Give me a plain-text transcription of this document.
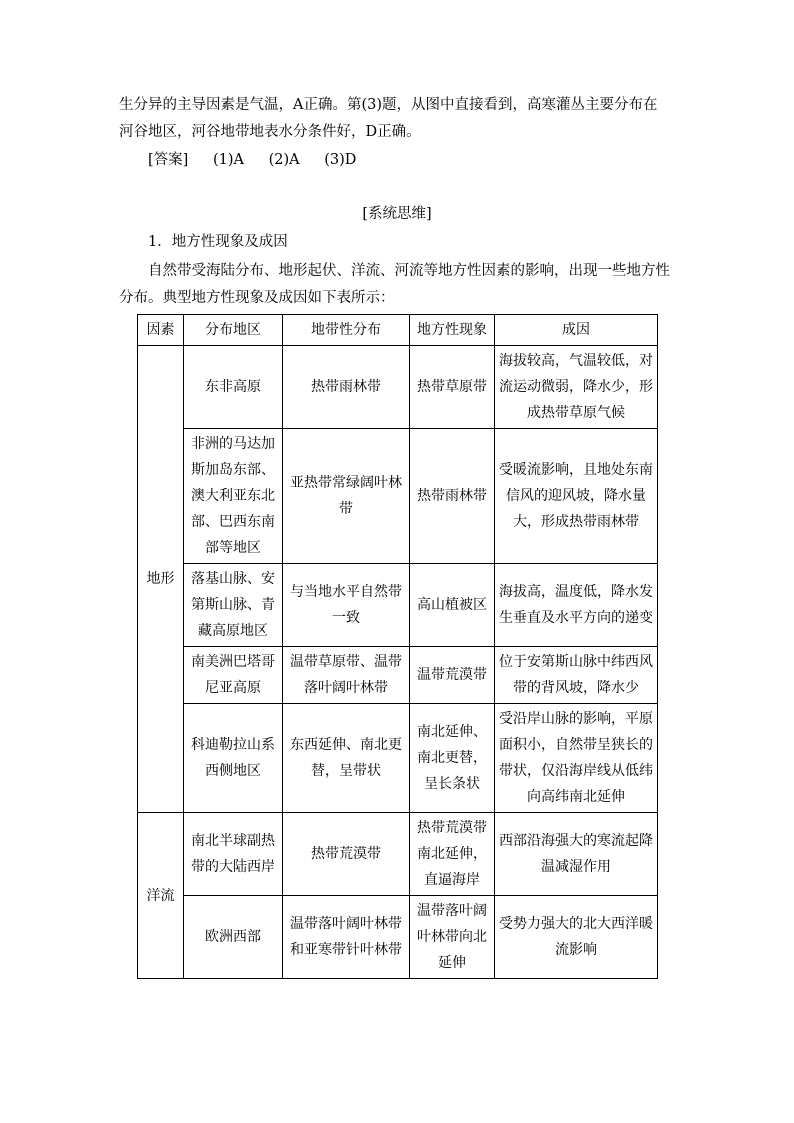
生分异的主导因素是气温，A正确。第(3)题，从图中直接看到，高寒灌丛主要分布在河谷地区，河谷地带地表水分条件好，D正确。

[答案] (1)A (2)A (3)D
[系统思维]
1．地方性现象及成因

自然带受海陆分布、地形起伏、洋流、河流等地方性因素的影响，出现一些地方性分布。典型地方性现象及成因如下表所示：

因素	分布地区	地带性分布	地方性现象	成因
地形	东非高原	热带雨林带	热带草原带	海拔较高，气温较低，对流运动微弱，降水少，形成热带草原气候
	非洲的马达加斯加岛东部、澳大利亚东北部、巴西东南部等地区	亚热带常绿阔叶林带	热带雨林带	受暖流影响，且地处东南信风的迎风坡，降水量大，形成热带雨林带
	落基山脉、安第斯山脉、青藏高原地区	与当地水平自然带一致	高山植被区	海拔高，温度低，降水发生垂直及水平方向的递变
	南美洲巴塔哥尼亚高原	温带草原带、温带落叶阔叶林带	温带荒漠带	位于安第斯山脉中纬西风带的背风坡，降水少
	科迪勒拉山系西侧地区	东西延伸、南北更替，呈带状	南北延伸、南北更替，呈长条状	受沿岸山脉的影响，平原面积小，自然带呈狭长的带状，仅沿海岸线从低纬向高纬南北延伸
洋流	南北半球副热带的大陆西岸	热带荒漠带	热带荒漠带南北延伸，直逼海岸	西部沿海强大的寒流起降温减湿作用
	欧洲西部	温带落叶阔叶林带和亚寒带针叶林带	温带落叶阔叶林带向北延伸	受势力强大的北大西洋暖流影响
